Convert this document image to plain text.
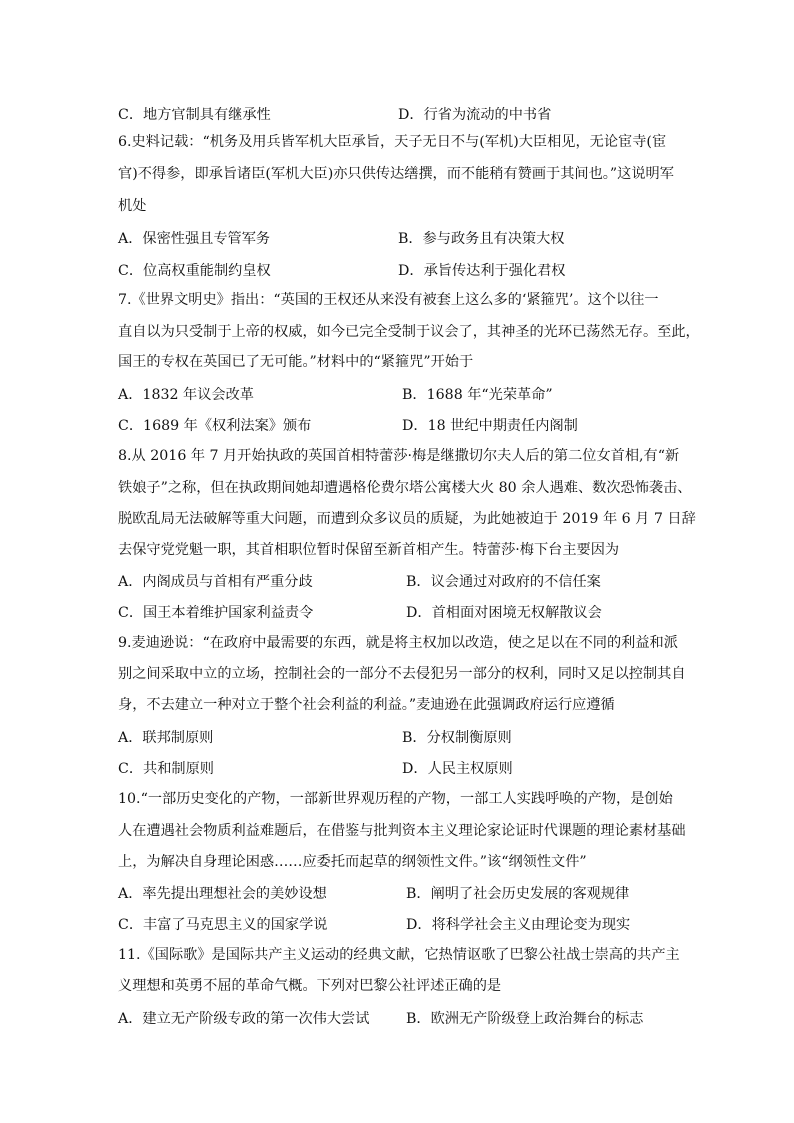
C．地方官制具有继承性	D．行省为流动的中书省
6.史料记载：“机务及用兵皆军机大臣承旨，天子无日不与(军机)大臣相见，无论宦寺(宦
官)不得参，即承旨诸臣(军机大臣)亦只供传达缮撰，而不能稍有赞画于其间也。”这说明军
机处
A．保密性强且专管军务	B．参与政务且有决策大权
C．位高权重能制约皇权	D．承旨传达利于强化君权
7.《世界文明史》指出：“英国的王权还从来没有被套上这么多的‘紧箍咒’。这个以往一
直自以为只受制于上帝的权威，如今已完全受制于议会了，其神圣的光环已荡然无存。至此，
国王的专权在英国已了无可能。”材料中的“紧箍咒”开始于
A．1832 年议会改革	B．1688 年“光荣革命”
C．1689 年《权利法案》颁布	D．18 世纪中期责任内阁制
8.从 2016 年 7 月开始执政的英国首相特蕾莎·梅是继撒切尔夫人后的第二位女首相,有“新
铁娘子”之称，但在执政期间她却遭遇格伦费尔塔公寓楼大火 80 余人遇难、数次恐怖袭击、
脱欧乱局无法破解等重大问题，而遭到众多议员的质疑，为此她被迫于 2019 年 6 月 7 日辞
去保守党党魁一职，其首相职位暂时保留至新首相产生。特蕾莎·梅下台主要因为
A．内阁成员与首相有严重分歧	B．议会通过对政府的不信任案
C．国王本着维护国家利益责令	D．首相面对困境无权解散议会
9.麦迪逊说：“在政府中最需要的东西，就是将主权加以改造，使之足以在不同的利益和派
别之间采取中立的立场，控制社会的一部分不去侵犯另一部分的权利，同时又足以控制其自
身，不去建立一种对立于整个社会利益的利益。”麦迪逊在此强调政府运行应遵循
A．联邦制原则	B．分权制衡原则
C．共和制原则	D．人民主权原则
10.“一部历史变化的产物，一部新世界观历程的产物，一部工人实践呼唤的产物，是创始
人在遭遇社会物质利益难题后，在借鉴与批判资本主义理论家论证时代课题的理论素材基础
上，为解决自身理论困惑……应委托而起草的纲领性文件。”该“纲领性文件”
A．率先提出理想社会的美妙设想	B．阐明了社会历史发展的客观规律
C．丰富了马克思主义的国家学说	D．将科学社会主义由理论变为现实
11.《国际歌》是国际共产主义运动的经典文献，它热情讴歌了巴黎公社战士崇高的共产主
义理想和英勇不屈的革命气概。下列对巴黎公社评述正确的是
A．建立无产阶级专政的第一次伟大尝试	B．欧洲无产阶级登上政治舞台的标志
